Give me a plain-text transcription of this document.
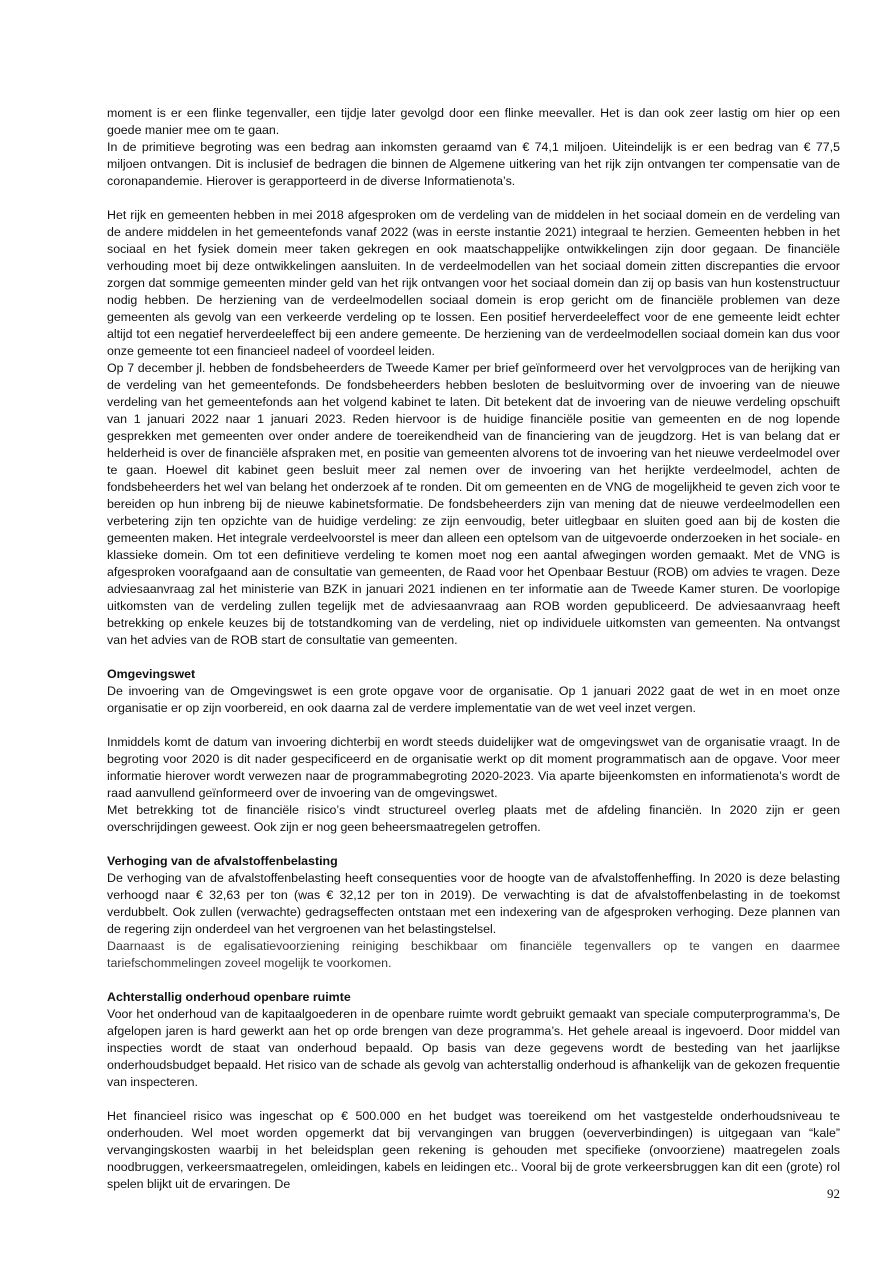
moment is er een flinke tegenvaller, een tijdje later gevolgd door een flinke meevaller. Het is dan ook zeer lastig om hier op een goede manier mee om te gaan.

In de primitieve begroting was een bedrag aan inkomsten geraamd van € 74,1 miljoen. Uiteindelijk is er een bedrag van € 77,5 miljoen ontvangen. Dit is inclusief de bedragen die binnen de Algemene uitkering van het rijk zijn ontvangen ter compensatie van de coronapandemie. Hierover is gerapporteerd in de diverse Informatienota’s.

Het rijk en gemeenten hebben in mei 2018 afgesproken om de verdeling van de middelen in het sociaal domein en de verdeling van de andere middelen in het gemeentefonds vanaf 2022 (was in eerste instantie 2021) integraal te herzien. Gemeenten hebben in het sociaal en het fysiek domein meer taken gekregen en ook maatschappelijke ontwikkelingen zijn door gegaan. De financiële verhouding moet bij deze ontwikkelingen aansluiten. In de verdeelmodellen van het sociaal domein zitten discrepanties die ervoor zorgen dat sommige gemeenten minder geld van het rijk ontvangen voor het sociaal domein dan zij op basis van hun kostenstructuur nodig hebben. De herziening van de verdeelmodellen sociaal domein is erop gericht om de financiële problemen van deze gemeenten als gevolg van een verkeerde verdeling op te lossen. Een positief herverdeeleffect voor de ene gemeente leidt echter altijd tot een negatief herverdeeleffect bij een andere gemeente. De herziening van de verdeelmodellen sociaal domein kan dus voor onze gemeente tot een financieel nadeel of voordeel leiden.

Op 7 december jl. hebben de fondsbeheerders de Tweede Kamer per brief geïnformeerd over het vervolgproces van de herijking van de verdeling van het gemeentefonds. De fondsbeheerders hebben besloten de besluitvorming over de invoering van de nieuwe verdeling van het gemeentefonds aan het volgend kabinet te laten. Dit betekent dat de invoering van de nieuwe verdeling opschuift van 1 januari 2022 naar 1 januari 2023. Reden hiervoor is de huidige financiële positie van gemeenten en de nog lopende gesprekken met gemeenten over onder andere de toereikendheid van de financiering van de jeugdzorg. Het is van belang dat er helderheid is over de financiële afspraken met, en positie van gemeenten alvorens tot de invoering van het nieuwe verdeelmodel over te gaan. Hoewel dit kabinet geen besluit meer zal nemen over de invoering van het herijkte verdeelmodel, achten de fondsbeheerders het wel van belang het onderzoek af te ronden. Dit om gemeenten en de VNG de mogelijkheid te geven zich voor te bereiden op hun inbreng bij de nieuwe kabinetsformatie. De fondsbeheerders zijn van mening dat de nieuwe verdeelmodellen een verbetering zijn ten opzichte van de huidige verdeling: ze zijn eenvoudig, beter uitlegbaar en sluiten goed aan bij de kosten die gemeenten maken. Het integrale verdeelvoorstel is meer dan alleen een optelsom van de uitgevoerde onderzoeken in het sociale- en klassieke domein. Om tot een definitieve verdeling te komen moet nog een aantal afwegingen worden gemaakt. Met de VNG is afgesproken voorafgaand aan de consultatie van gemeenten, de Raad voor het Openbaar Bestuur (ROB) om advies te vragen. Deze adviesaanvraag zal het ministerie van BZK in januari 2021 indienen en ter informatie aan de Tweede Kamer sturen. De voorlopige uitkomsten van de verdeling zullen tegelijk met de adviesaanvraag aan ROB worden gepubliceerd. De adviesaanvraag heeft betrekking op enkele keuzes bij de totstandkoming van de verdeling, niet op individuele uitkomsten van gemeenten. Na ontvangst van het advies van de ROB start de consultatie van gemeenten.

Omgevingswet

De invoering van de Omgevingswet is een grote opgave voor de organisatie. Op 1 januari 2022 gaat de wet in en moet onze organisatie er op zijn voorbereid, en ook daarna zal de verdere implementatie van de wet veel inzet vergen.

Inmiddels komt de datum van invoering dichterbij en wordt steeds duidelijker wat de omgevingswet van de organisatie vraagt. In de begroting voor 2020 is dit nader gespecificeerd en de organisatie werkt op dit moment programmatisch aan de opgave. Voor meer informatie hierover wordt verwezen naar de programmabegroting 2020-2023. Via aparte bijeenkomsten en informatienota’s wordt de raad aanvullend geïnformeerd over de invoering van de omgevingswet.

Met betrekking tot de financiële risico’s vindt structureel overleg plaats met de afdeling financiën. In 2020 zijn er geen overschrijdingen geweest. Ook zijn er nog geen beheersmaatregelen getroffen.

Verhoging van de afvalstoffenbelasting

De verhoging van de afvalstoffenbelasting heeft consequenties voor de hoogte van de afvalstoffenheffing. In 2020 is deze belasting verhoogd naar € 32,63 per ton (was € 32,12 per ton in 2019). De verwachting is dat de afvalstoffenbelasting in de toekomst verdubbelt. Ook zullen (verwachte) gedragseffecten ontstaan met een indexering van de afgesproken verhoging. Deze plannen van de regering zijn onderdeel van het vergroenen van het belastingstelsel.

Daarnaast is de egalisatievoorziening reiniging beschikbaar om financiële tegenvallers op te vangen en daarmee tariefschommelingen zoveel mogelijk te voorkomen.

Achterstallig onderhoud openbare ruimte

Voor het onderhoud van de kapitaalgoederen in de openbare ruimte wordt gebruikt gemaakt van speciale computerprogramma’s, De afgelopen jaren is hard gewerkt aan het op orde brengen van deze programma’s. Het gehele areaal is ingevoerd. Door middel van inspecties wordt de staat van onderhoud bepaald. Op basis van deze gegevens wordt de besteding van het jaarlijkse onderhoudsbudget bepaald. Het risico van de schade als gevolg van achterstallig onderhoud is afhankelijk van de gekozen frequentie van inspecteren.

Het financieel risico was ingeschat op € 500.000 en het budget was toereikend om het vastgestelde onderhoudsniveau te onderhouden. Wel moet worden opgemerkt dat bij vervangingen van bruggen (oeververbindingen) is uitgegaan van “kale” vervangingskosten waarbij in het beleidsplan geen rekening is gehouden met specifieke (onvoorziene) maatregelen zoals noodbruggen, verkeersmaatregelen, omleidingen, kabels en leidingen etc.. Vooral bij de grote verkeersbruggen kan dit een (grote) rol spelen blijkt uit de ervaringen. De

92
